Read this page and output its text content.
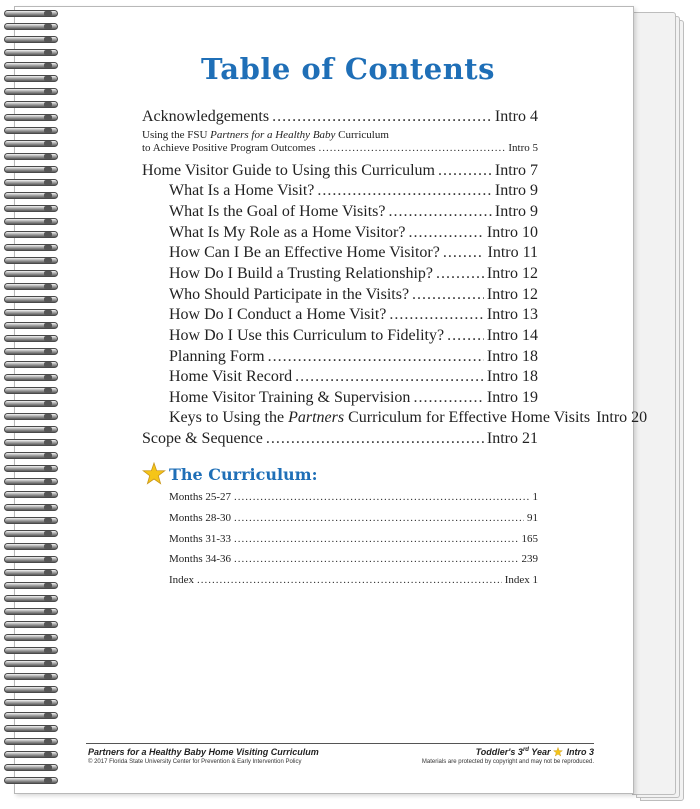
Table of Contents
Acknowledgements .....	Intro 4
Using the FSU Partners for a Healthy Baby Curriculum
to Achieve Positive Program Outcomes .....	Intro 5
Home Visitor Guide to Using this Curriculum .....	Intro 7
What Is a Home Visit? .....	Intro 9
What Is the Goal of Home Visits? .....	Intro 9
What Is My Role as a Home Visitor? .....	Intro 10
How Can I Be an Effective Home Visitor? .....	Intro 11
How Do I Build a Trusting Relationship? .....	Intro 12
Who Should Participate in the Visits? .....	Intro 12
How Do I Conduct a Home Visit? .....	Intro 13
How Do I Use this Curriculum to Fidelity? .....	Intro 14
Planning Form .....	Intro 18
Home Visit Record .....	Intro 18
Home Visitor Training & Supervision .....	Intro 19
Keys to Using the Partners Curriculum for Effective Home Visits Intro 20
Scope & Sequence .....	Intro 21
The Curriculum:
Months 25-27 .....	1
Months 28-30 .....	91
Months 31-33 .....	165
Months 34-36 .....	239
Index .....	Index 1
Partners for a Healthy Baby Home Visiting Curriculum
© 2017 Florida State University Center for Prevention & Early Intervention Policy
Toddler's 3rd Year Intro 3
Materials are protected by copyright and may not be reproduced.
